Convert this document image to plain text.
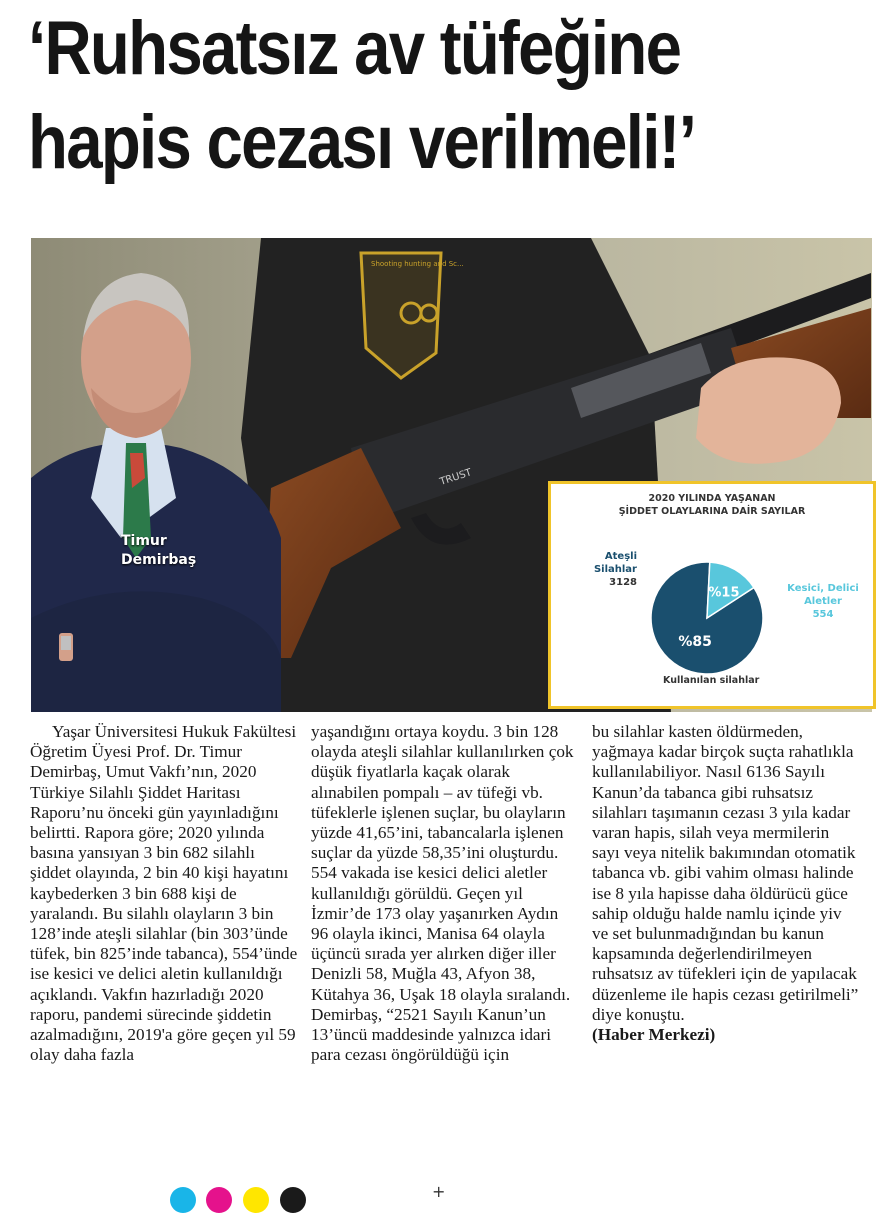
‘Ruhsatsız av tüfeğine
hapis cezası verilmeli!’
Shooting hunting and Sc...
TRUST
Timur
Demirbaş
2020 YILINDA YAŞANAN
ŞİDDET OLAYLARINA DAİR SAYILAR
Ateşli
Silahlar
3128
Kesici, Delici
Aletler
554
%85
%15
Kullanılan silahlar

Yaşar Üniversitesi Hukuk Fakültesi Öğretim Üyesi Prof. Dr. Timur Demirbaş, Umut Vakfı’nın, 2020 Türkiye Silahlı Şiddet Haritası Raporu’nu önceki gün yayınladığını belirtti. Rapora göre; 2020 yılında basına yansıyan 3 bin 682 silahlı şiddet olayında, 2 bin 40 kişi hayatını kaybederken 3 bin 688 kişi de yaralandı. Bu silahlı olayların 3 bin 128’inde ateşli silahlar (bin 303’ünde tüfek, bin 825’inde tabanca), 554’ünde ise kesici ve delici aletin kullanıldığı açıklandı. Vakfın hazırladığı 2020 raporu, pandemi sürecinde şiddetin azalmadığını, 2019'a göre geçen yıl 59 olay daha fazla

yaşandığını ortaya koydu. 3 bin 128 olayda ateşli silahlar kullanılırken çok düşük fiyatlarla kaçak olarak alınabilen pompalı – av tüfeği vb. tüfeklerle işlenen suçlar, bu olayların yüzde 41,65’ini, tabancalarla işlenen suçlar da yüzde 58,35’ini oluşturdu. 554 vakada ise kesici delici aletler kullanıldığı görüldü. Geçen yıl İzmir’de 173 olay yaşanırken Aydın 96 olayla ikinci, Manisa 64 olayla üçüncü sırada yer alırken diğer iller Denizli 58, Muğla 43, Afyon 38, Kütahya 36, Uşak 18 olayla sıralandı. Demirbaş, “2521 Sayılı Kanun’un 13’üncü maddesinde yalnızca idari para cezası öngörüldüğü için

bu silahlar kasten öldürmeden, yağmaya kadar birçok suçta rahatlıkla kullanılabiliyor. Nasıl 6136 Sayılı Kanun’da tabanca gibi ruhsatsız silahları taşımanın cezası 3 yıla kadar varan hapis, silah veya mermilerin sayı veya nitelik bakımından otomatik tabanca vb. gibi vahim olması halinde ise 8 yıla hapisse daha öldürücü güce sahip olduğu halde namlu içinde yiv ve set bulunmadığından bu kanun kapsamında değerlendirilmeyen ruhsatsız av tüfekleri için de yapılacak düzenleme ile hapis cezası getirilmeli” diye konuştu.

(Haber Merkezi)

+
